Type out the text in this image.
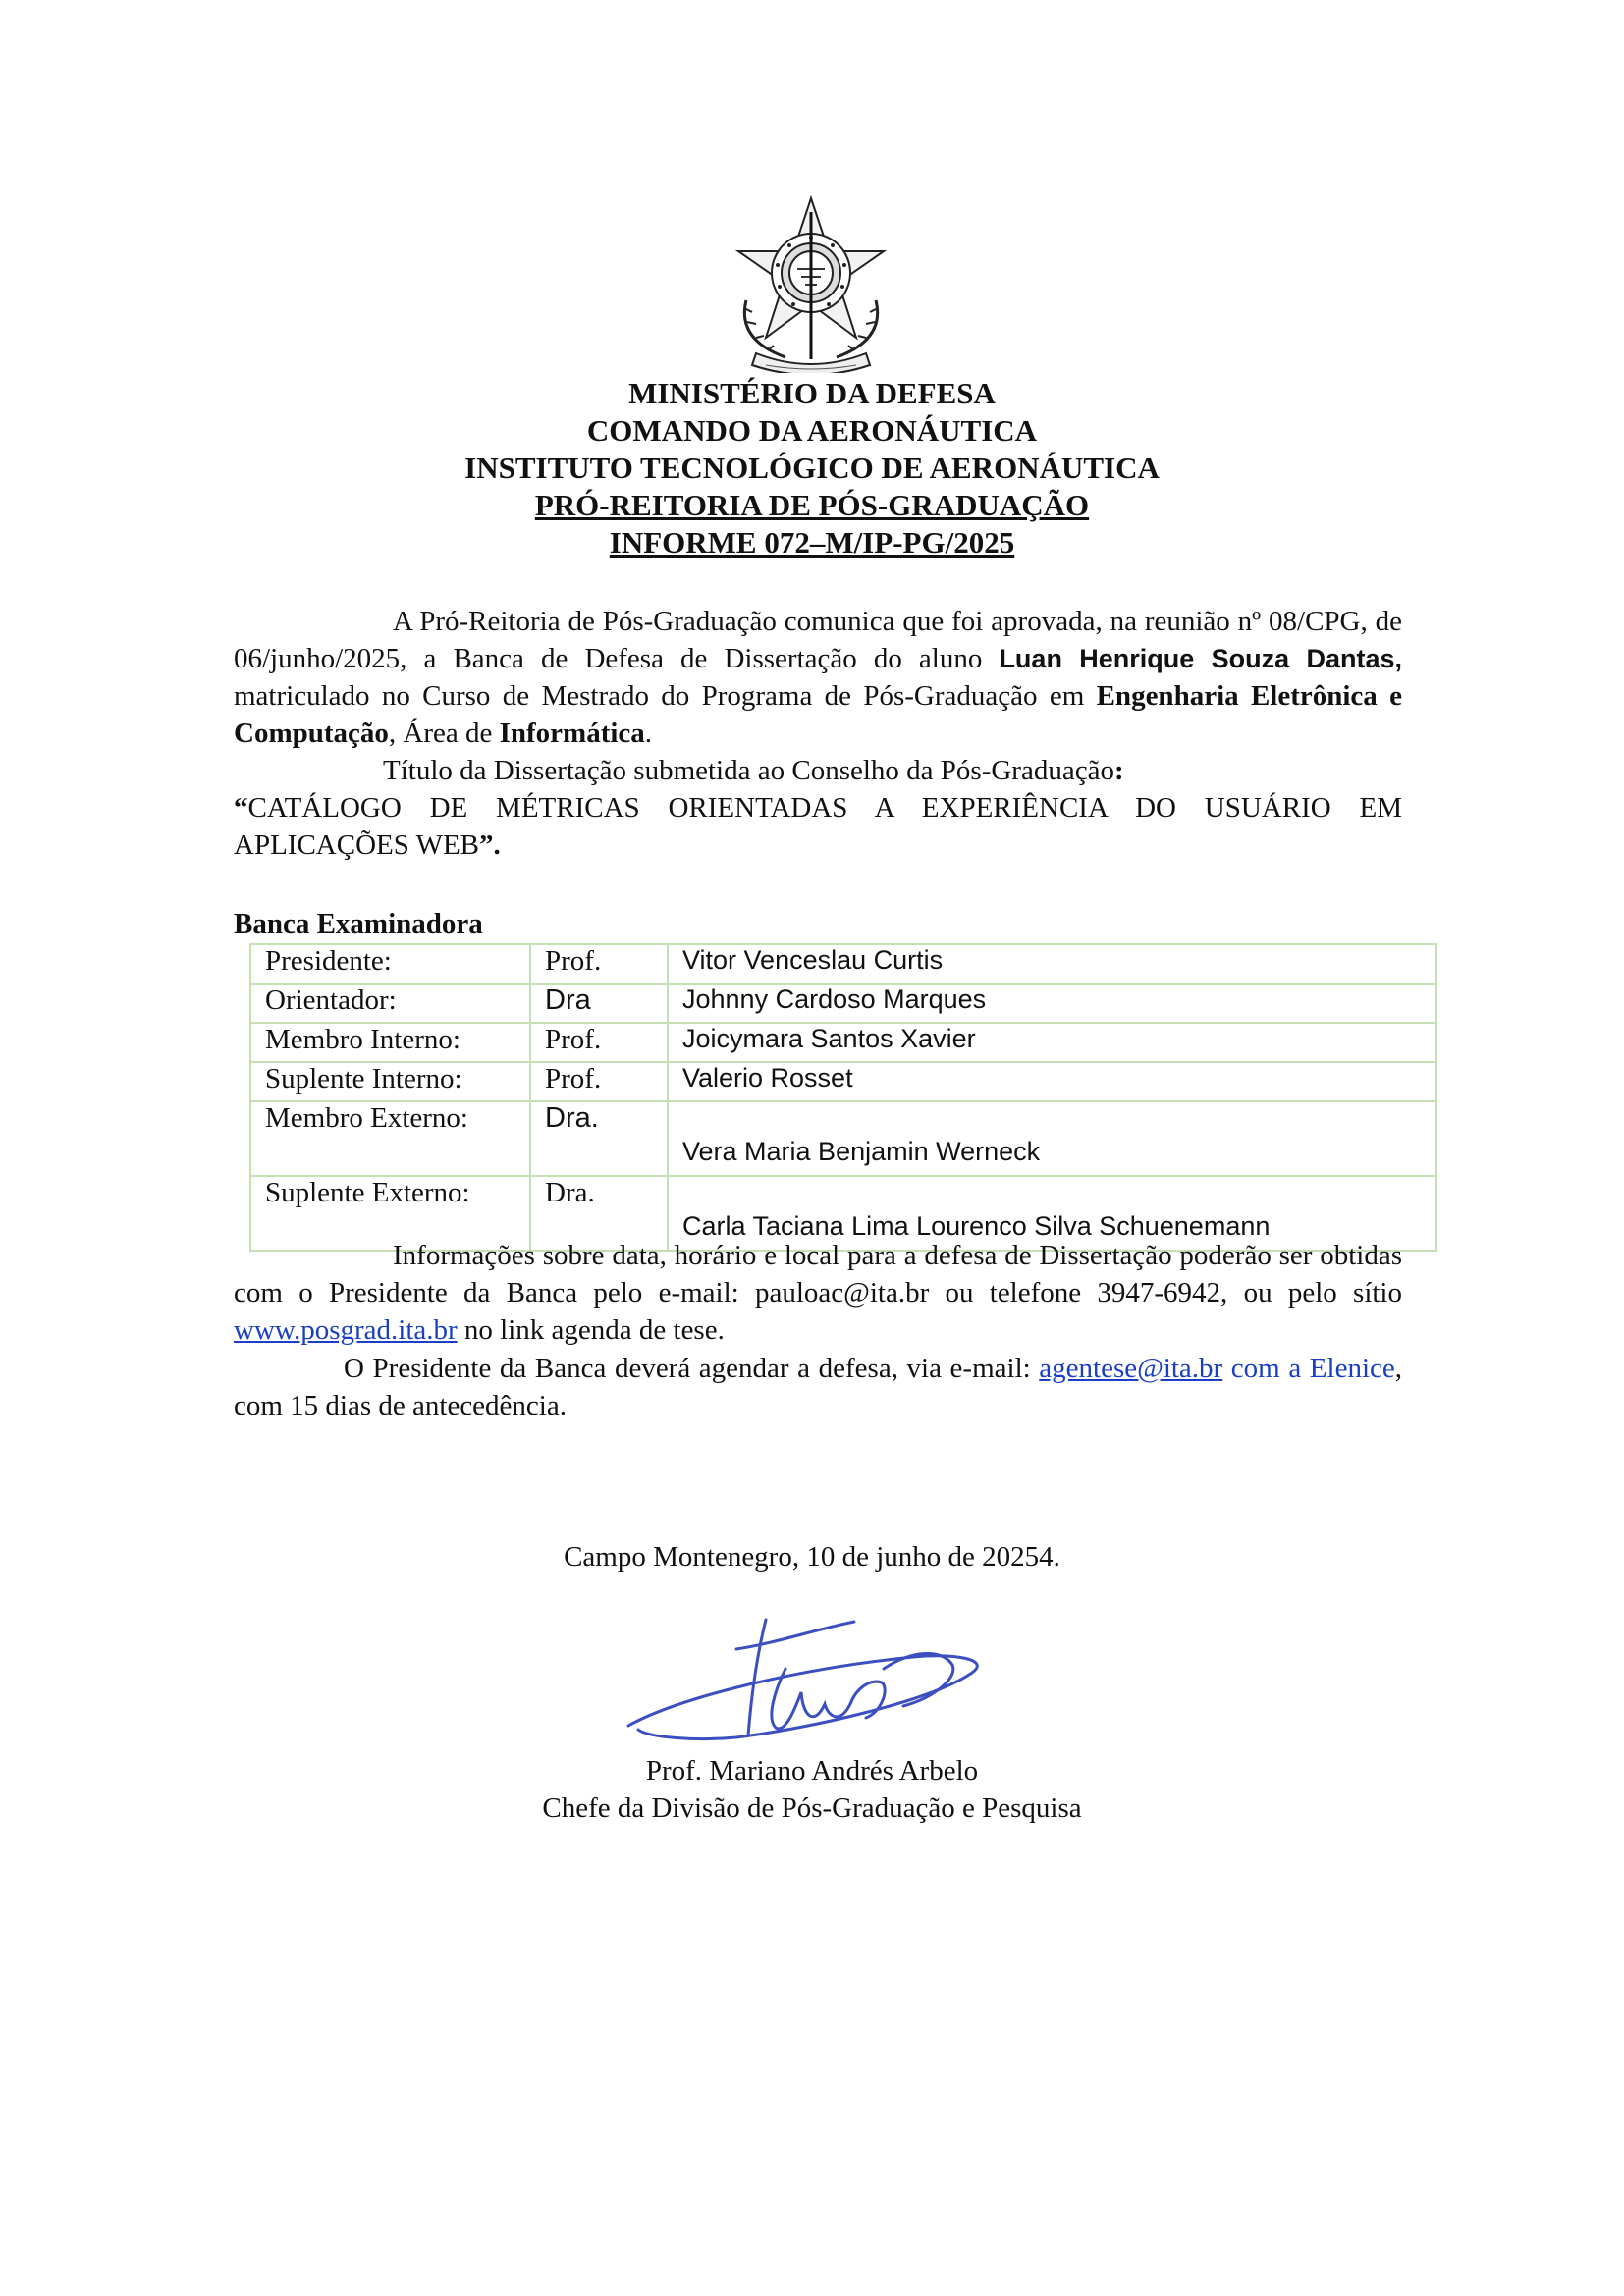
MINISTÉRIO DA DEFESA
COMANDO DA AERONÁUTICA
INSTITUTO TECNOLÓGICO DE AERONÁUTICA
PRÓ-REITORIA DE PÓS-GRADUAÇÃO
INFORME 072–M/IP-PG/2025
A Pró-Reitoria de Pós-Graduação comunica que foi aprovada, na reunião nº 08/CPG, de 06/junho/2025, a Banca de Defesa de Dissertação do aluno Luan Henrique Souza Dantas, matriculado no Curso de Mestrado do Programa de Pós-Graduação em Engenharia Eletrônica e Computação, Área de Informática.
Título da Dissertação submetida ao Conselho da Pós-Graduação:
“CATÁLOGO DE MÉTRICAS ORIENTADAS A EXPERIÊNCIA DO USUÁRIO EM APLICAÇÕES WEB”.
Banca Examinadora
Presidente:	Prof.	Vitor Venceslau Curtis
Orientador:	Dra	Johnny Cardoso Marques
Membro Interno:	Prof.	Joicymara Santos Xavier
Suplente Interno:	Prof.	Valerio Rosset
Membro Externo:	Dra.	Vera Maria Benjamin Werneck
Suplente Externo:	Dra.	Carla Taciana Lima Lourenco Silva Schuenemann
Informações sobre data, horário e local para a defesa de Dissertação poderão ser obtidas com o Presidente da Banca pelo e-mail: pauloac@ita.br ou telefone 3947-6942, ou pelo sítio www.posgrad.ita.br no link agenda de tese.
O Presidente da Banca deverá agendar a defesa, via e-mail: agentese@ita.br com a Elenice, com 15 dias de antecedência.
Campo Montenegro, 10 de junho de 20254.
Prof. Mariano Andrés Arbelo
Chefe da Divisão de Pós-Graduação e Pesquisa
